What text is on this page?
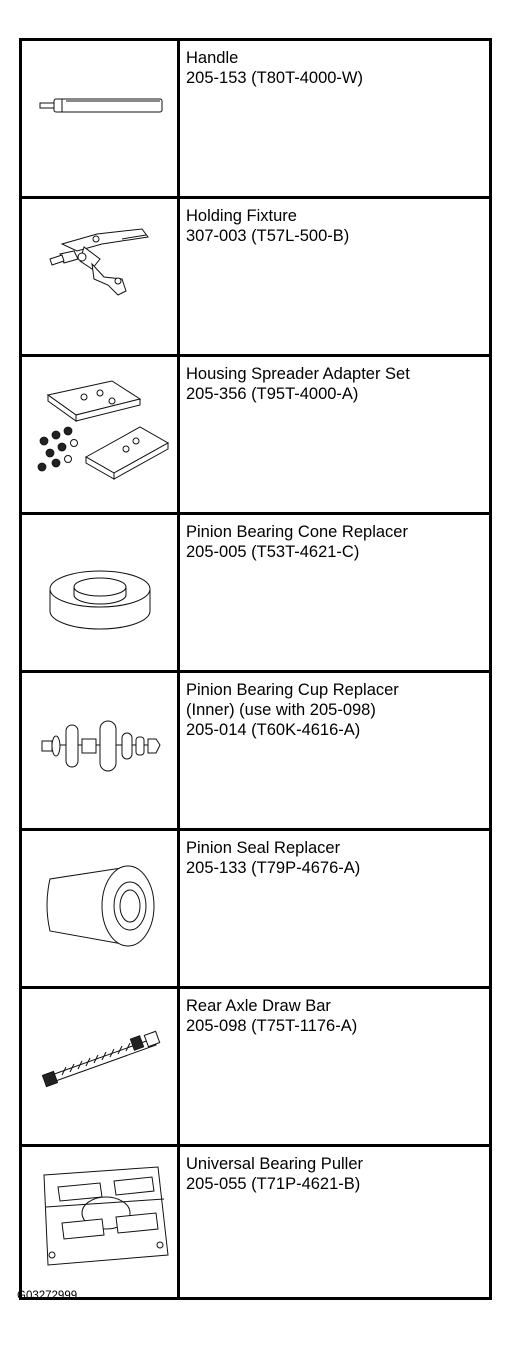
Handle
205-153 (T80T-4000-W)

Holding Fixture
307-003 (T57L-500-B)

Housing Spreader Adapter Set
205-356 (T95T-4000-A)

Pinion Bearing Cone Replacer
205-005 (T53T-4621-C)

Pinion Bearing Cup Replacer
(Inner) (use with 205-098)
205-014 (T60K-4616-A)

Pinion Seal Replacer
205-133 (T79P-4676-A)

Rear Axle Draw Bar
205-098 (T75T-1176-A)

Universal Bearing Puller
205-055 (T71P-4621-B)
G03272999
